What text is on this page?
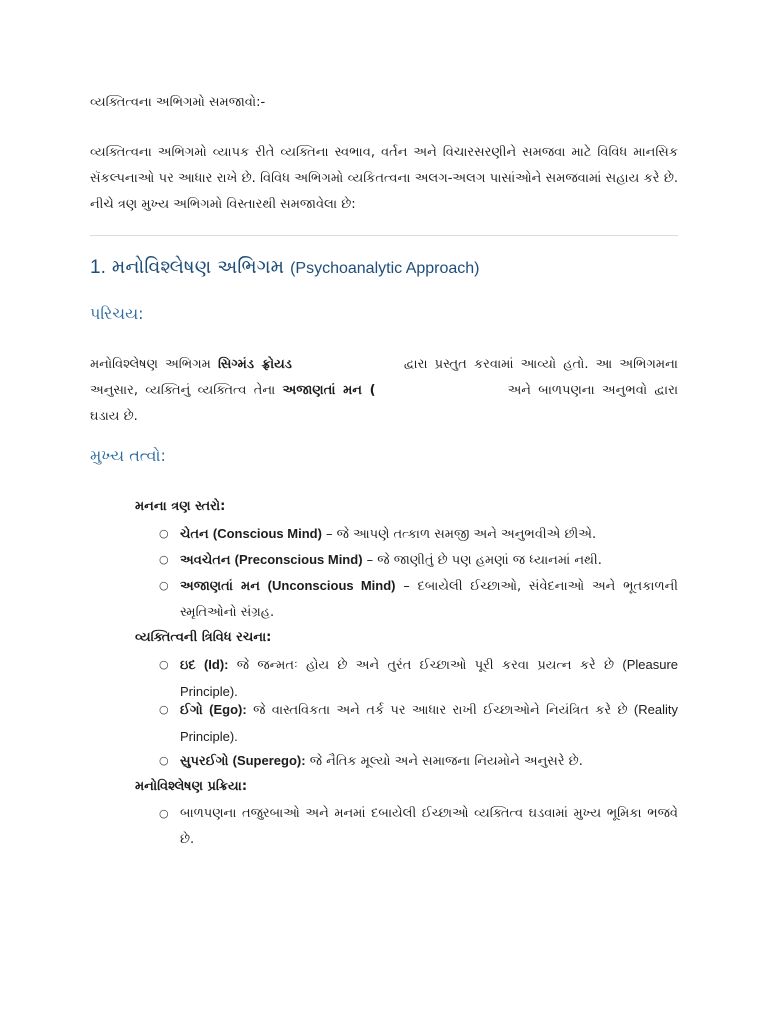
વ્યક્તિત્વના અભિગમો સમજાવો:-
વ્યક્તિત્વના અભિગમો વ્યાપક રીતે વ્યક્તિના સ્વભાવ, વર્તન અને વિચારસરણીને સમજવા માટે વિવિધ માનસિક સૅકલ્પનાઓ પર આધાર રાખે છે. વિવિધ અભિગમો વ્યકિતત્વના અલગ-અલગ પાસાંઓને સમજવામાં સહાય કરે છે. નીચે ત્રણ મુખ્ય અભિગમો વિસ્તારથી સમજાવેલા છે:
1. મનોવિશ્લેષણ અભિગમ (Psychoanalytic Approach)
પરિચય:
મનોવિશ્લેષણ અભિગમ સિગ્મંડ ફ્રોયડ	દ્વારા પ્રસ્તુત કરવામાં આવ્યો હતો. આ અભિગમના અનુસાર, વ્યક્તિનું વ્યક્તિત્વ તેના અજાણતાં મન (	અને બાળપણના અનુભવો દ્વારા ઘડાય છે.
મુખ્ય તત્વો:
મનના ત્રણ સ્તરો:
○ ચેતન (Conscious Mind) – જે આપણે તત્કાળ સમજી અને અનુભવીએ છીએ.
○ અવચેતન (Preconscious Mind) – જે જાણીતું છે પણ હમણાં જ ધ્યાનમાં નથી.
○ અજાણતાં મન (Unconscious Mind) – દબાયેલી ઈચ્છાઓ, સંવેદનાઓ અને ભૂતકાળની સ્મૃતિઓનો સંગ્રહ.
વ્યક્તિત્વની ત્રિવિધ રચના:
○ ઇદ (Id): જે જન્મતઃ હોય છે અને તુરંત ઈચ્છાઓ પૂરી કરવા પ્રયત્ન કરે છે (Pleasure Principle).
○ ઈગો (Ego): જે વાસ્તવિકતા અને તર્ક પર આધાર રાખી ઈચ્છાઓને નિયંત્રિત કરે છે (Reality Principle).
○ સુપરઈગો (Superego): જે નૈતિક મૂલ્યો અને સમાજના નિયમોને અનુસરે છે.
મનોવિશ્લેષણ પ્રક્રિયા:
○ બાળપણના તજુરબાઓ અને મનમાં દબાયેલી ઈચ્છાઓ વ્યક્તિત્વ ઘડવામાં મુખ્ય ભૂમિકા ભજવે છે.
